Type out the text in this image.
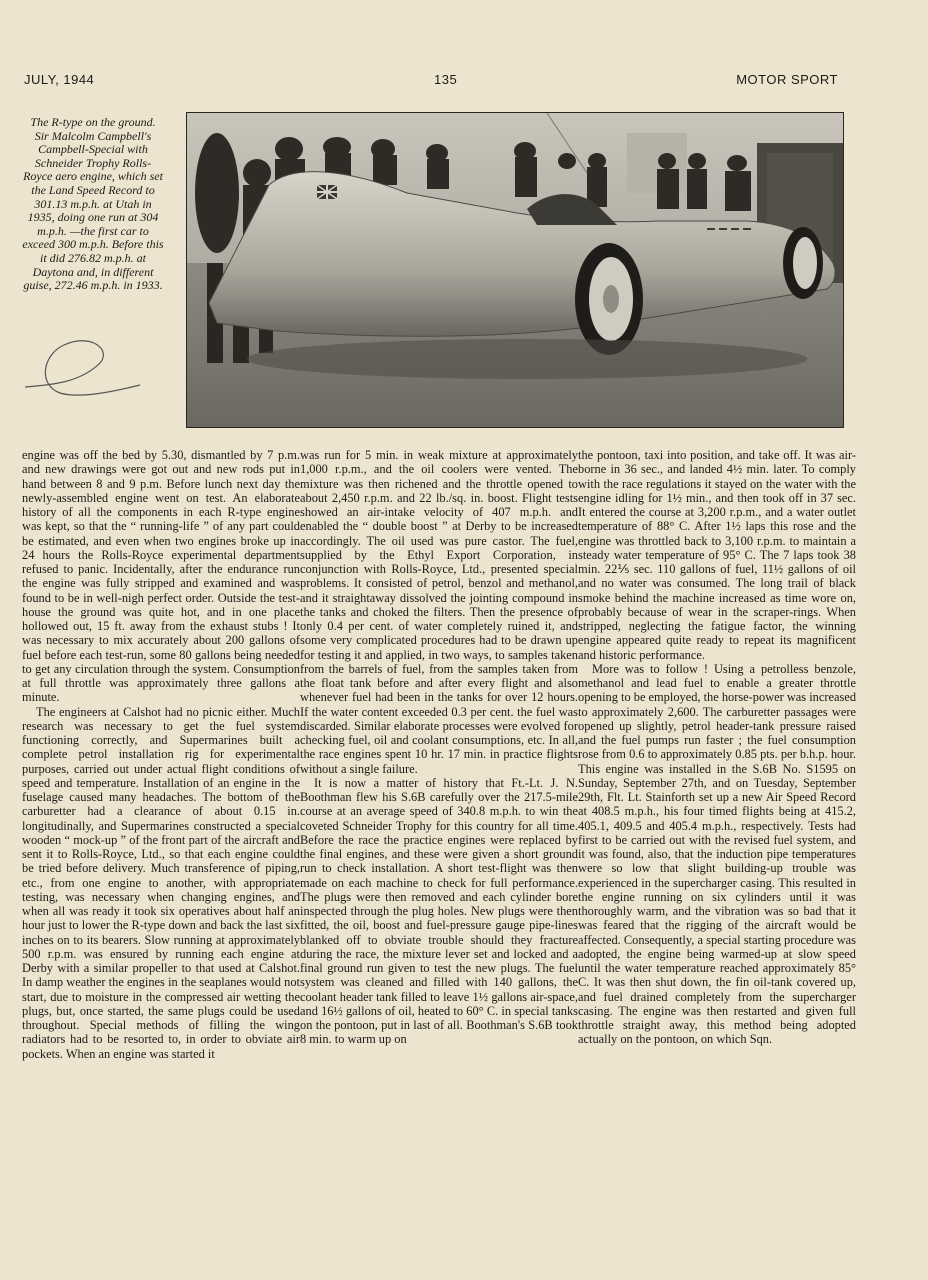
JULY, 1944	135	MOTOR SPORT
The R-type on the ground. Sir Malcolm Campbell's Campbell-Special with Schneider Trophy Rolls-Royce aero engine, which set the Land Speed Record to 301.13 m.p.h. at Utah in 1935, doing one run at 304 m.p.h. —the first car to exceed 300 m.p.h. Before this it did 276.82 m.p.h. at Daytona and, in different guise, 272.46 m.p.h. in 1933.

engine was off the bed by 5.30, dismantled by 7 p.m. and new drawings were got out and new rods put in hand between 8 and 9 p.m. Before lunch next day the newly-assembled engine went on test. An elaborate history of all the components in each R-type engine was kept, so that the “ running-life ” of any part could be estimated, and even when two engines broke up in 24 hours the Rolls-Royce experimental department refused to panic. Incidentally, after the endurance run the engine was fully stripped and examined and was found to be in well-nigh perfect order. Outside the test-house the ground was quite hot, and in one place hollowed out, 15 ft. away from the exhaust stubs ! It was necessary to mix accurately about 200 gallons of fuel before each test-run, some 80 gallons being needed to get any circulation through the system. Consumption at full throttle was approximately three gallons a minute.

The engineers at Calshot had no picnic either. Much research was necessary to get the fuel system functioning correctly, and Supermarines built a complete petrol installation rig for experimental purposes, carried out under actual flight conditions of speed and temperature. Installation of an engine in the fuselage caused many headaches. The bottom of the carburetter had a clearance of about 0.15 in. longitudinally, and Supermarines constructed a special wooden “ mock-up ” of the front part of the aircraft and sent it to Rolls-Royce, Ltd., so that each engine could be tried before delivery. Much transference of piping, etc., from one engine to another, with appropriate testing, was necessary when changing engines, and when all was ready it took six operatives about half an hour just to lower the R-type down and back the last six inches on to its bearers. Slow running at approximately 500 r.p.m. was ensured by running each engine at Derby with a similar propeller to that used at Calshot. In damp weather the engines in the seaplanes would not start, due to moisture in the compressed air wetting the plugs, but, once started, the same plugs could be used throughout. Special methods of filling the wing radiators had to be resorted to, in order to obviate air pockets. When an engine was started it

was run for 5 min. in weak mixture at approximately 1,000 r.p.m., and the oil coolers were vented. The mixture was then richened and the throttle opened to about 2,450 r.p.m. and 22 lb./sq. in. boost. Flight tests showed an air-intake velocity of 407 m.p.h. and enabled the “ double boost ” at Derby to be increased accordingly. The oil used was pure castor. The fuel, supplied by the Ethyl Export Corporation, in conjunction with Rolls-Royce, Ltd., presented special problems. It consisted of petrol, benzol and methanol, and it straightaway dissolved the jointing compound in the tanks and choked the filters. Then the presence of only 0.4 per cent. of water completely ruined it, and some very complicated procedures had to be drawn up for testing it and applied, in two ways, to samples taken from the barrels of fuel, from the samples taken from the float tank before and after every flight and also whenever fuel had been in the tanks for over 12 hours. If the water content exceeded 0.3 per cent. the fuel was discarded. Similar elaborate processes were evolved for checking fuel, oil and coolant consumptions, etc. In all, the race engines spent 10 hr. 17 min. in practice flights without a single failure.

It is now a matter of history that Ft.-Lt. J. N. Boothman flew his S.6B carefully over the 217.5-mile course at an average speed of 340.8 m.p.h. to win the coveted Schneider Trophy for this country for all time. Before the race the practice engines were replaced by the final engines, and these were given a short ground run to check installation. A short test-flight was then made on each machine to check for full performance. The plugs were then removed and each cylinder bore inspected through the plug holes. New plugs were then fitted, the oil, boost and fuel-pressure gauge pipe-lines blanked off to obviate trouble should they fracture during the race, the mixture lever set and locked and a final ground run given to test the new plugs. The fuel system was cleaned and filled with 140 gallons, the coolant header tank filled to leave 1½ gallons air-space, and 16½ gallons of oil, heated to 60° C. in special tanks on the pontoon, put in last of all. Boothman's S.6B took 8 min. to warm up on

the pontoon, taxi into position, and take off. It was air-borne in 36 sec., and landed 4½ min. later. To comply with the race regulations it stayed on the water with the engine idling for 1½ min., and then took off in 37 sec. It entered the course at 3,200 r.p.m., and a water outlet temperature of 88° C. After 1½ laps this rose and the engine was throttled back to 3,100 r.p.m. to maintain a steady water temperature of 95° C. The 7 laps took 38 min. 22⅕ sec. 110 gallons of fuel, 11½ gallons of oil and no water was consumed. The long trail of black smoke behind the machine increased as time wore on, probably because of wear in the scraper-rings. When stripped, neglecting the fatigue factor, the winning engine appeared quite ready to repeat its magnificent and historic performance.

More was to follow ! Using a petrolless benzole, methanol and lead fuel to enable a greater throttle opening to be employed, the horse-power was increased to approximately 2,600. The carburetter passages were opened up slightly, petrol header-tank pressure raised and the fuel pumps run faster ; the fuel consumption rose from 0.6 to approximately 0.85 pts. per b.h.p. hour. This engine was installed in the S.6B No. S1595 on Sunday, September 27th, and on Tuesday, September 29th, Flt. Lt. Stainforth set up a new Air Speed Record at 408.5 m.p.h., his four timed flights being at 415.2, 405.1, 409.5 and 405.4 m.p.h., respectively. Tests had first to be carried out with the revised fuel system, and it was found, also, that the induction pipe temperatures were so low that slight building-up trouble was experienced in the supercharger casing. This resulted in the engine running on six cylinders until it was thoroughly warm, and the vibration was so bad that it was feared that the rigging of the aircraft would be affected. Consequently, a special starting procedure was adopted, the engine being warmed-up at slow speed until the water temperature reached approximately 85° C. It was then shut down, the fin oil-tank covered up, and fuel drained completely from the supercharger casing. The engine was then restarted and given full throttle straight away, this method being adopted actually on the pontoon, on which Sqn.
